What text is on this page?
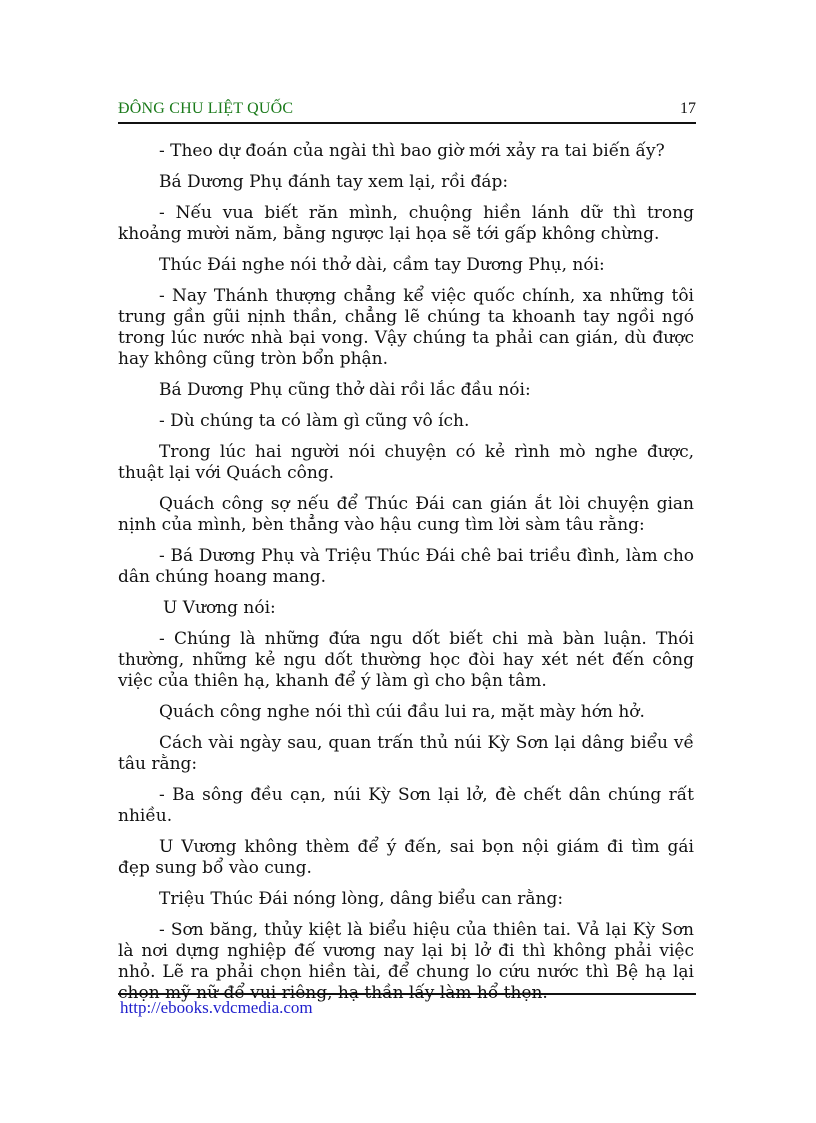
ĐÔNG CHU LIỆT QUỐC	17

- Theo dự đoán của ngài thì bao giờ mới xảy ra tai biến ấy?

Bá Dương Phụ đánh tay xem lại, rồi đáp:

- Nếu vua biết răn mình, chuộng hiền lánh dữ thì trong khoảng mười năm, bằng ngược lại họa sẽ tới gấp không chừng.

Thúc Đái nghe nói thở dài, cầm tay Dương Phụ, nói:

- Nay Thánh thượng chẳng kể việc quốc chính, xa những tôi trung gần gũi nịnh thần, chẳng lẽ chúng ta khoanh tay ngồi ngó trong lúc nước nhà bại vong. Vậy chúng ta phải can gián, dù được hay không cũng tròn bổn phận.

Bá Dương Phụ cũng thở dài rồi lắc đầu nói:

- Dù chúng ta có làm gì cũng vô ích.

Trong lúc hai người nói chuyện có kẻ rình mò nghe được, thuật lại với Quách công.

Quách công sợ nếu để Thúc Đái can gián ắt lòi chuyện gian nịnh của mình, bèn thẳng vào hậu cung tìm lời sàm tâu rằng:

- Bá Dương Phụ và Triệu Thúc Đái chê bai triều đình, làm cho dân chúng hoang mang.

U Vương nói:

- Chúng là những đứa ngu dốt biết chi mà bàn luận. Thói thường, những kẻ ngu dốt thường học đòi hay xét nét đến công việc của thiên hạ, khanh để ý làm gì cho bận tâm.

Quách công nghe nói thì cúi đầu lui ra, mặt mày hớn hở.

Cách vài ngày sau, quan trấn thủ núi Kỳ Sơn lại dâng biểu về tâu rằng:

- Ba sông đều cạn, núi Kỳ Sơn lại lở, đè chết dân chúng rất nhiều.

U Vương không thèm để ý đến, sai bọn nội giám đi tìm gái đẹp sung bổ vào cung.

Triệu Thúc Đái nóng lòng, dâng biểu can rằng:

- Sơn băng, thủy kiệt là biểu hiệu của thiên tai. Vả lại Kỳ Sơn là nơi dựng nghiệp đế vương nay lại bị lở đi thì không phải việc nhỏ. Lẽ ra phải chọn hiền tài, để chung lo cứu nước thì Bệ hạ lại chọn mỹ nữ để vui riêng, hạ thần lấy làm hổ thẹn.

http://ebooks.vdcmedia.com
